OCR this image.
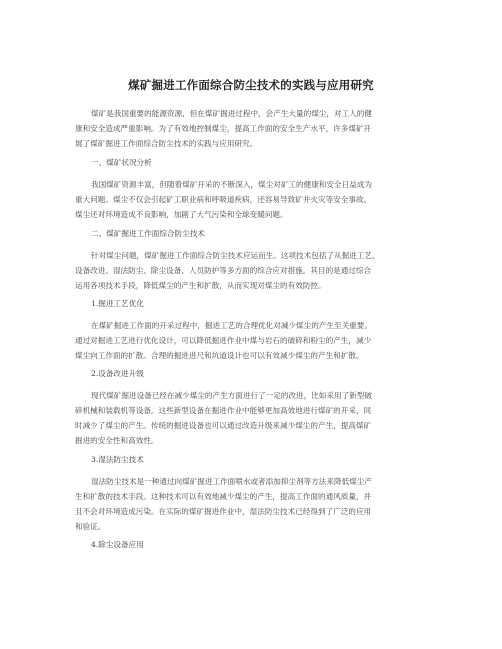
煤矿掘进工作面综合防尘技术的实践与应用研究
煤矿是我国重要的能源资源，但在煤矿掘进过程中，会产生大量的煤尘，对工人的健
康和安全造成严重影响。为了有效地控制煤尘，提高工作面的安全生产水平，许多煤矿开
展了煤矿掘进工作面综合防尘技术的实践与应用研究。
一、煤矿状况分析
我国煤矿资源丰富，但随着煤矿开采的不断深入，煤尘对矿工的健康和安全日益成为
重大问题。煤尘不仅会引起矿工职业病和呼吸道疾病，还容易导致矿井火灾等安全事故。
煤尘还对环境造成不良影响，加剧了大气污染和全球变暖问题。
二、煤矿掘进工作面综合防尘技术
针对煤尘问题，煤矿掘进工作面综合防尘技术应运而生。这项技术包括了从掘进工艺、
设备改进、湿法防尘、除尘设备、人员防护等多方面的综合应对措施。其目的是通过综合
运用各项技术手段，降低煤尘的产生和扩散，从而实现对煤尘的有效防控。
1.掘进工艺优化
在煤矿掘进工作面的开采过程中，掘进工艺的合理优化对减少煤尘的产生至关重要。
通过对掘进工艺进行优化设计，可以降低掘进作业中煤与岩石的破碎和粉尘的产生，减少
煤尘向工作面的扩散。合理的掘进进尺和坑道设计也可以有效减少煤尘的产生和扩散。
2.设备改进升级
现代煤矿掘进设备已经在减少煤尘的产生方面进行了一定的改进，比如采用了新型破
碎机械和装载机等设备。这些新型设备在掘进作业中能够更加高效地进行煤矿的开采，同
时减少了煤尘的产生。传统的掘进设备也可以通过改造升级来减少煤尘的产生，提高煤矿
掘进的安全性和高效性。
3.湿法防尘技术
湿法防尘技术是一种通过向煤矿掘进工作面喷水或者添加抑尘剂等方法来降低煤尘产
生和扩散的技术手段。这种技术可以有效地减少煤尘的产生，提高工作面的通风质量，并
且不会对环境造成污染。在实际的煤矿掘进作业中，湿法防尘技术已经得到了广泛的应用
和验证。
4.除尘设备应用
